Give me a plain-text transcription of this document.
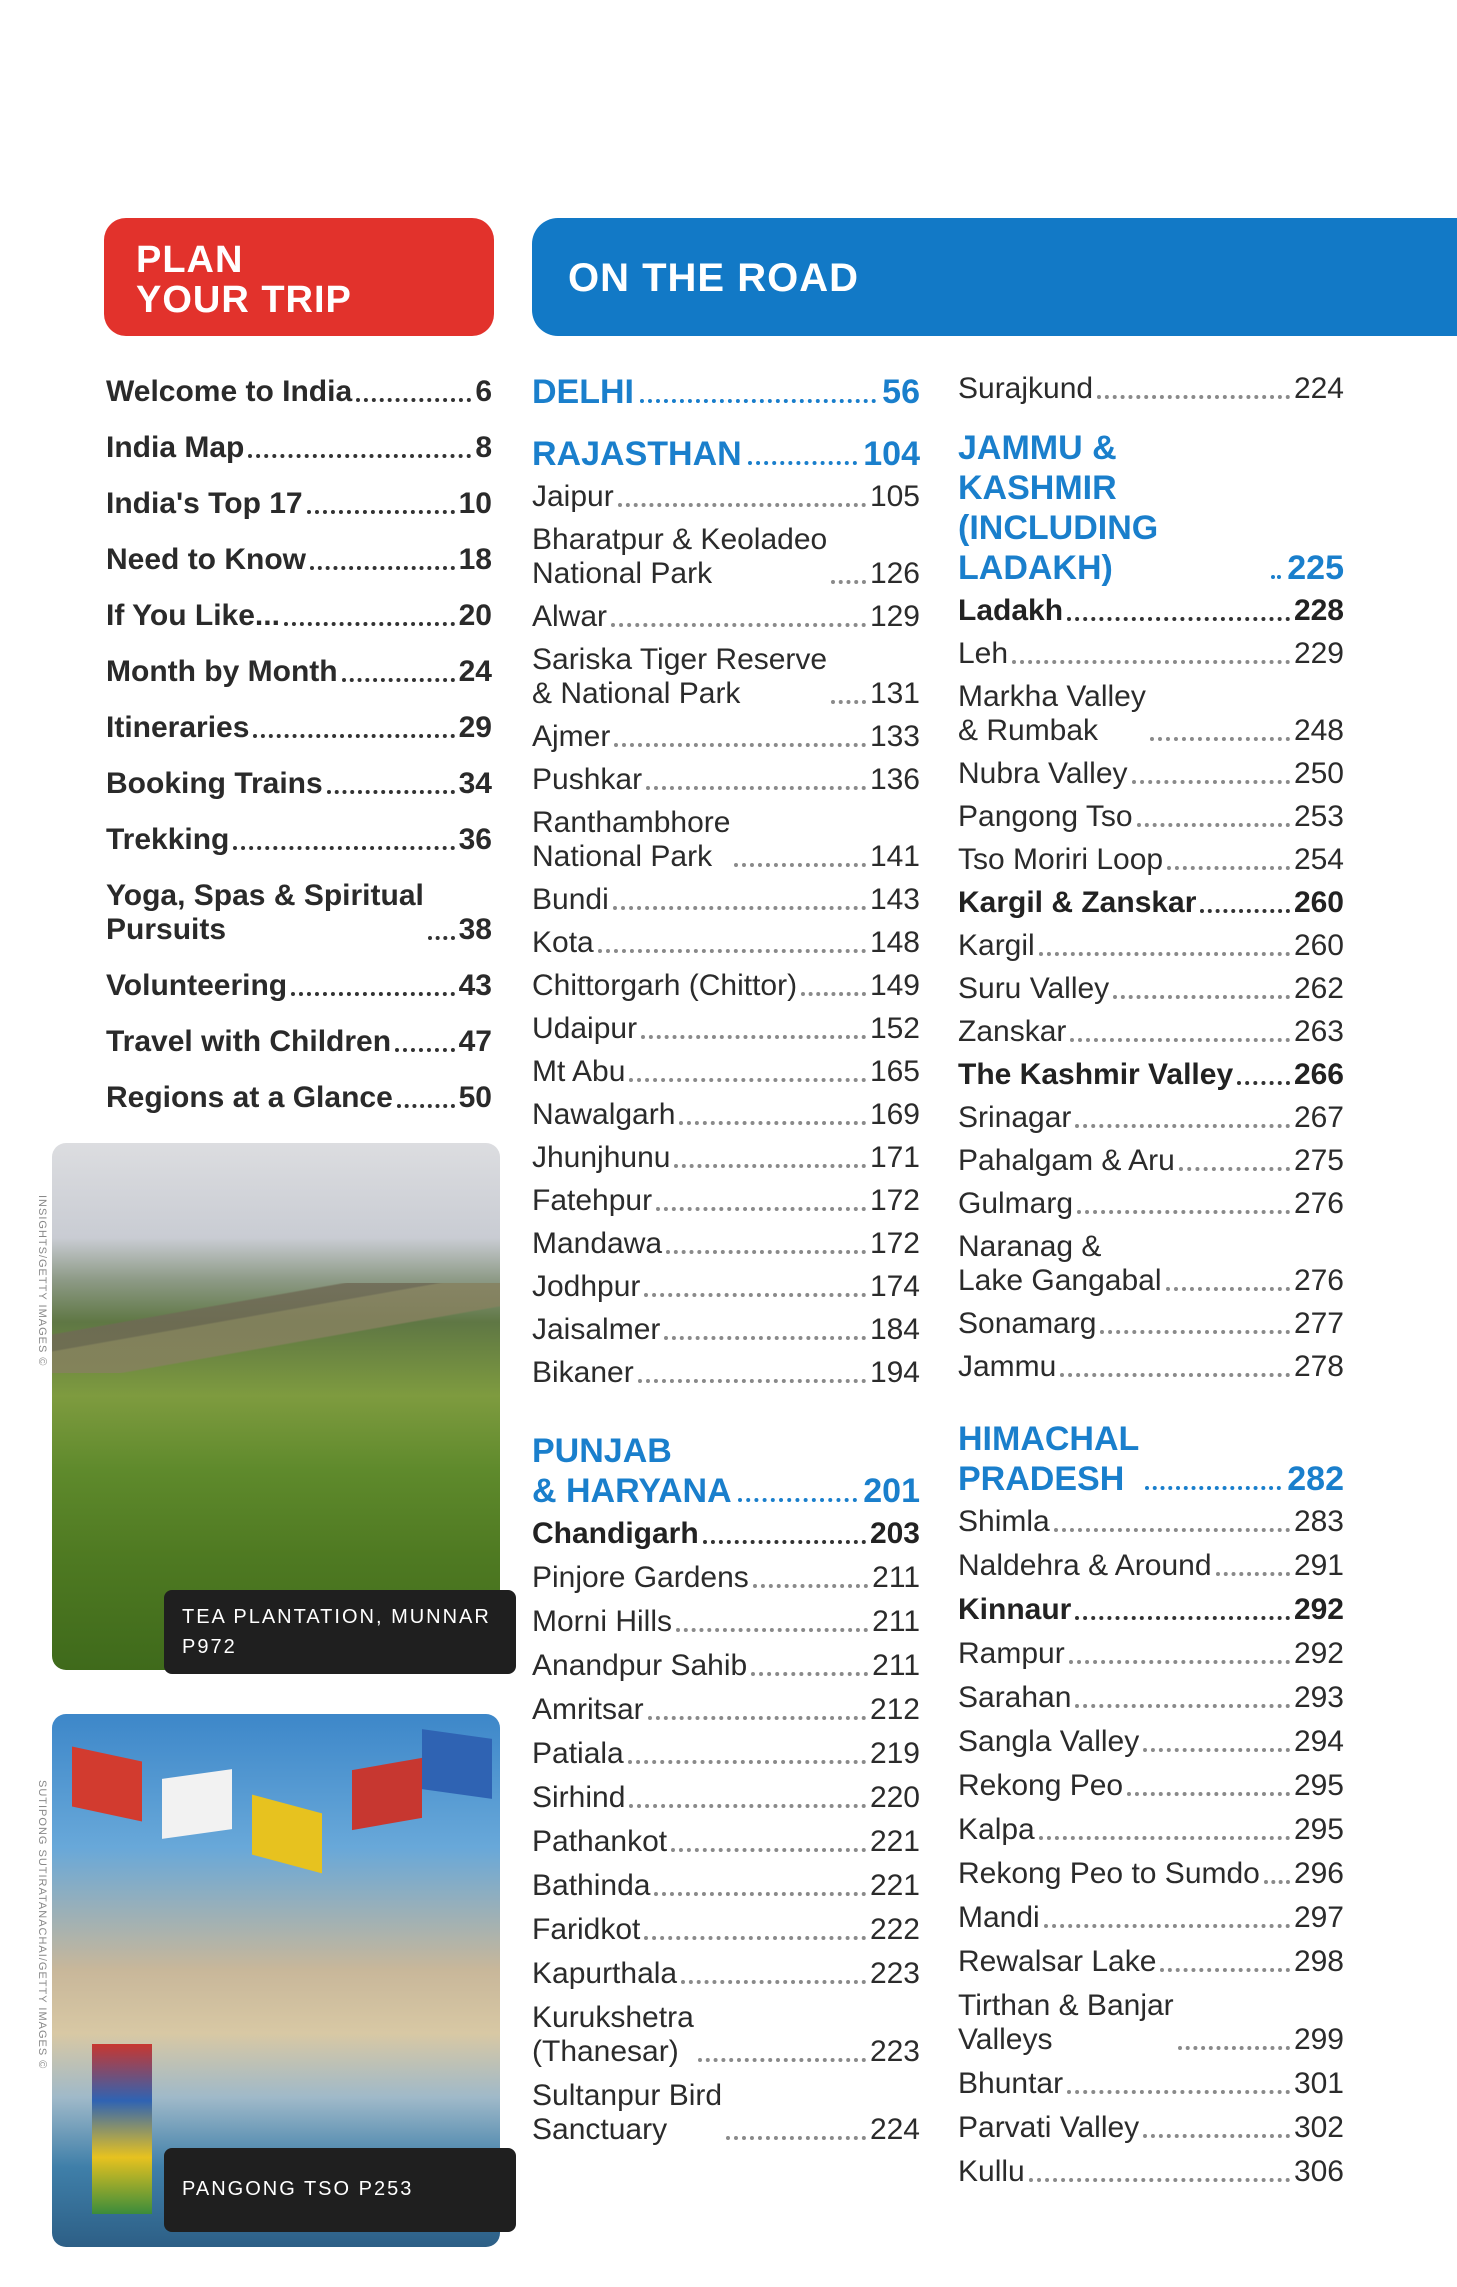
PLAN
YOUR TRIP	ON THE ROAD
Welcome to India	6
India Map	8
India's Top 17	10
Need to Know	18
If You Like...	20
Month by Month	24
Itineraries	29
Booking Trains	34
Trekking	36
Yoga, Spas & Spiritual
Pursuits	38
Volunteering	43
Travel with Children 47
Regions at a Glance 50
DELHI	56
RAJASTHAN	104
Jaipur	105
Bharatpur & Keoladeo
National Park	126
Alwar	129
Sariska Tiger Reserve
& National Park	131
Ajmer	133
Pushkar	136
Ranthambhore
National Park	141
Bundi	143
Kota	148
Chittorgarh (Chittor) 149
Udaipur	152
Mt Abu	165
Nawalgarh	169
Jhunjhunu	171
Fatehpur	172
Mandawa	172
Jodhpur	174
Jaisalmer	184
Bikaner	194
PUNJAB
& HARYANA	201
Chandigarh	203
Pinjore Gardens	211
Morni Hills	211
Anandpur Sahib	211
Amritsar	212
Patiala	219
Sirhind	220
Pathankot	221
Bathinda	221
Faridkot	222
Kapurthala	223
Kurukshetra
(Thanesar)	223
Sultanpur Bird
Sanctuary	224
Surajkund	224
JAMMU & KASHMIR
(INCLUDING
LADAKH)	225
Ladakh	228
Leh	229
Markha Valley
& Rumbak	248
Nubra Valley	250
Pangong Tso	253
Tso Moriri Loop	254
Kargil & Zanskar	260
Kargil	260
Suru Valley	262
Zanskar	263
The Kashmir Valley 266
Srinagar	267
Pahalgam & Aru	275
Gulmarg	276
Naranag &
Lake Gangabal	276
Sonamarg	277
Jammu	278
HIMACHAL
PRADESH	282
Shimla	283
Naldehra & Around	291
Kinnaur	292
Rampur	292
Sarahan	293
Sangla Valley	294
Rekong Peo	295
Kalpa	295
Rekong Peo to Sumdo 296
Mandi	297
Rewalsar Lake	298
Tirthan & Banjar
Valleys	299
Bhuntar	301
Parvati Valley	302
Kullu	306
TEA PLANTATION, MUNNAR
P972
INSIGHTS/GETTY IMAGES ©
PANGONG TSO P253
SUTIPONG SUTIRATANACHAI/GETTY IMAGES ©
